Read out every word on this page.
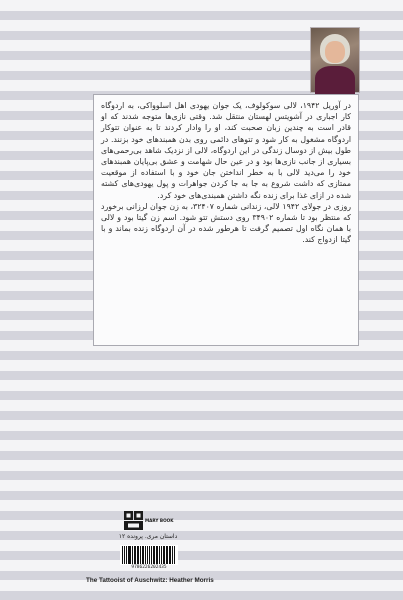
در آوریل ۱۹۴۲، لالی سوکولوف، یک جوان یهودی اهل اسلوواکی، به اردوگاه کار اجباری در آشویتس لهستان منتقل شد. وقتی نازی‌ها متوجه شدند که او قادر است به چندین زبان صحبت کند، او را وادار کردند تا به عنوان تتوکار اردوگاه مشغول به کار شود و تتوهای دائمی روی بدن همبندهای خود بزنند. در طول بیش از دوسال زندگی در این اردوگاه، لالی از نزدیک شاهد بی‌رحمی‌های بسیاری از جانب نازی‌ها بود و در عین حال شهامت و عشق بی‌پایان همبندهای خود را می‌دید لالی با به خطر انداختن جان خود و با استفاده از موقعیت ممتازی که داشت شروع به جا به جا کردن جواهرات و پول یهودی‌های کشته شده در ازای غذا برای زنده نگه داشتن همبندی‌های خود کرد.

روزی در جولای ۱۹۴۲ لالی، زندانی شماره ۳۲۴۰۷، به زن جوان لرزانی برخورد که منتظر بود تا شماره ۳۴۹۰۲ روی دستش تتو شود. اسم زن گیتا بود و لالی با همان نگاه اول تصمیم گرفت تا هرطور شده در آن اردوگاه زنده بماند و با گیتا ازدواج کند.

MARY BOOK
داستان مری. پرونده ۱۲
9786226202435
The Tattooist of Auschwitz: Heather Morris
